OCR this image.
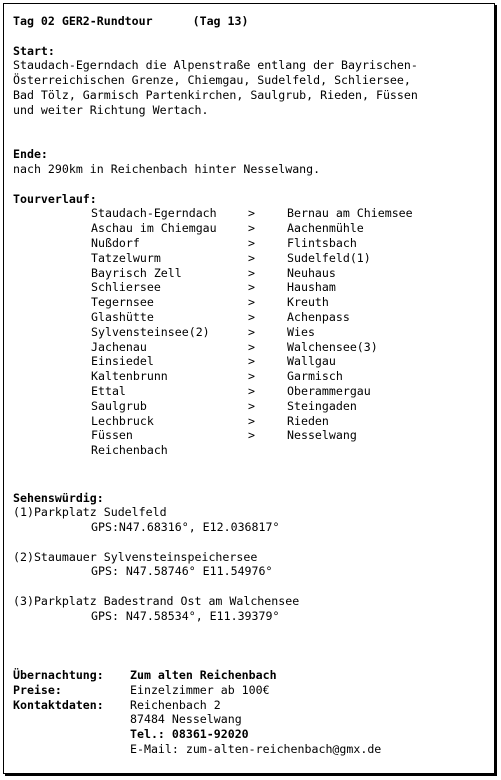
Tag 02 GER2-Rundtour	(Tag 13)
Start:
Staudach-Egerndach die Alpenstraße entlang der Bayrischen-
Österreichischen Grenze, Chiemgau, Sudelfeld, Schliersee,
Bad Tölz, Garmisch Partenkirchen, Saulgrub, Rieden, Füssen
und weiter Richtung Wertach.
Ende:
nach 290km in Reichenbach hinter Nesselwang.
Tourverlauf:
Staudach-Egerndach	>	Bernau am Chiemsee
Aschau im Chiemgau	>	Aachenmühle
Nußdorf	>	Flintsbach
Tatzelwurm	>	Sudelfeld(1)
Bayrisch Zell	>	Neuhaus
Schliersee	>	Hausham
Tegernsee	>	Kreuth
Glashütte	>	Achenpass
Sylvensteinsee(2)	>	Wies
Jachenau	>	Walchensee(3)
Einsiedel	>	Wallgau
Kaltenbrunn	>	Garmisch
Ettal	>	Oberammergau
Saulgrub	>	Steingaden
Lechbruck	>	Rieden
Füssen	>	Nesselwang
Reichenbach
Sehenswürdig:
(1)Parkplatz Sudelfeld
GPS:N47.68316°, E12.036817°
(2)Staumauer Sylvensteinspeichersee
GPS: N47.58746° E11.54976°
(3)Parkplatz Badestrand Ost am Walchensee
GPS: N47.58534°, E11.39379°
Übernachtung: Zum alten Reichenbach
Preise:	Einzelzimmer ab 100€
Kontaktdaten: Reichenbach 2
87484 Nesselwang
Tel.: 08361-92020
E-Mail: zum-alten-reichenbach@gmx.de
